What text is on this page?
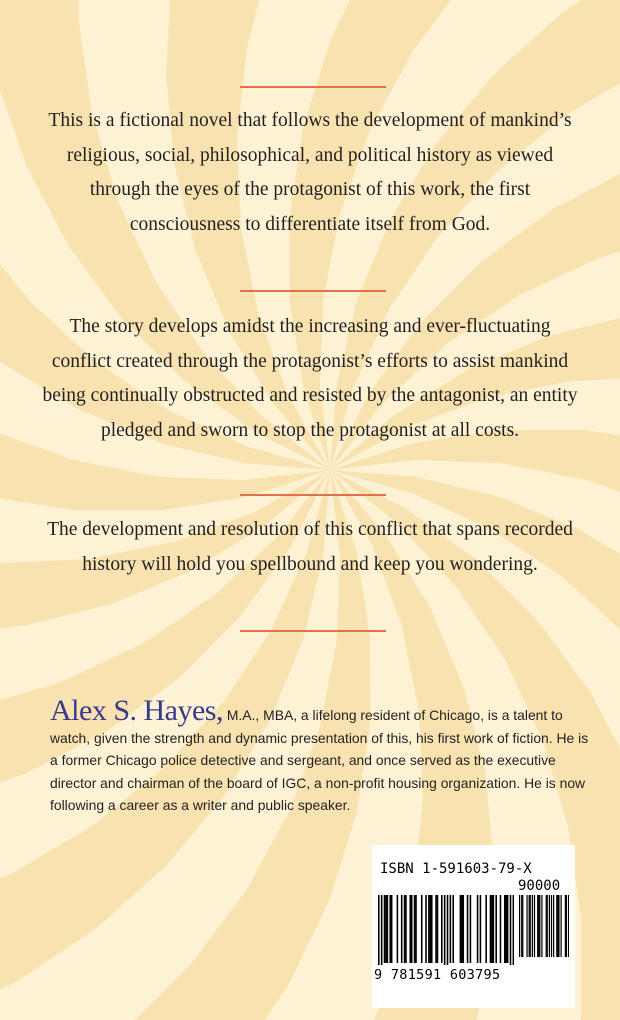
This is a fictional novel that follows the development of mankind’s religious, social, philosophical, and political history as viewed through the eyes of the protagonist of this work, the first consciousness to differentiate itself from God.
The story develops amidst the increasing and ever-fluctuating conflict created through the protagonist’s efforts to assist mankind being continually obstructed and resisted by the antagonist, an entity pledged and sworn to stop the protagonist at all costs.
The development and resolution of this conflict that spans recorded history will hold you spellbound and keep you wondering.
Alex S. Hayes, M.A., MBA, a lifelong resident of Chicago, is a talent to watch, given the strength and dynamic presentation of this, his first work of fiction. He is a former Chicago police detective and sergeant, and once served as the executive director and chairman of the board of IGC, a non-profit housing organization. He is now following a career as a writer and public speaker.
ISBN 1-591603-79-X
90000
9 781591 603795
